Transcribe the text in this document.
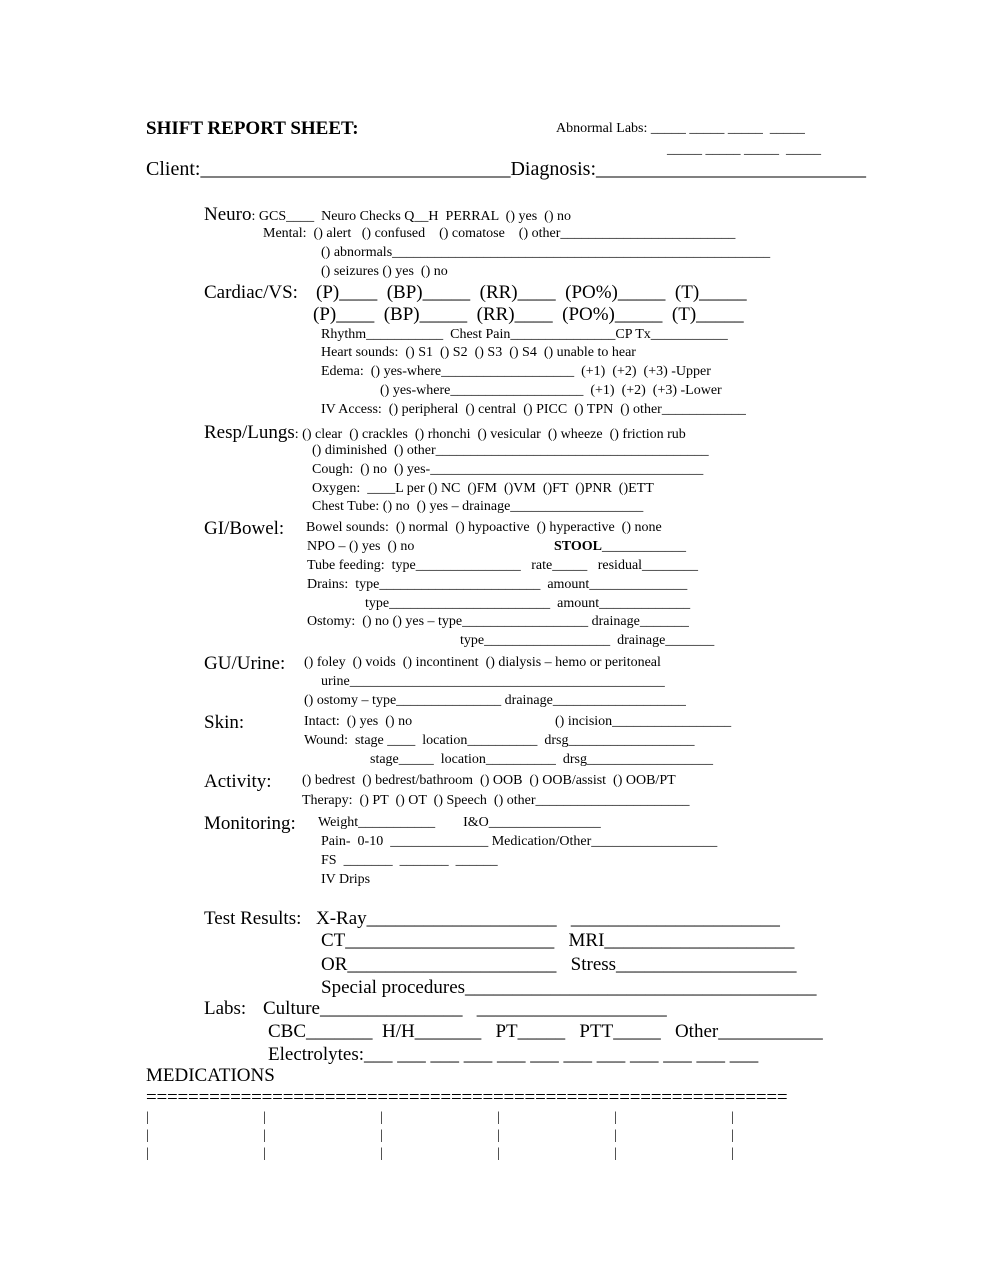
SHIFT REPORT SHEET:	Abnormal Labs: _____ _____ _____  _____
_____ _____ _____  _____
Client:_______________________________Diagnosis:___________________________
Neuro: GCS____  Neuro Checks Q__H  PERRAL  () yes  () no
Mental:  () alert   () confused    () comatose    () other_________________________
() abnormals______________________________________________________
() seizures () yes  () no
Cardiac/VS: (P)____  (BP)_____  (RR)____  (PO%)_____  (T)_____
(P)____  (BP)_____  (RR)____  (PO%)_____  (T)_____
Rhythm___________  Chest Pain_______________CP Tx___________
Heart sounds:  () S1  () S2  () S3  () S4  () unable to hear
Edema:  () yes-where___________________  (+1)  (+2)  (+3) -Upper
() yes-where___________________  (+1)  (+2)  (+3) -Lower
IV Access:  () peripheral  () central  () PICC  () TPN  () other____________
Resp/Lungs: () clear  () crackles  () rhonchi  () vesicular  () wheeze  () friction rub
() diminished  () other_______________________________________
Cough:  () no  () yes-_______________________________________
Oxygen:  ____L per () NC  ()FM  ()VM  ()FT  ()PNR  ()ETT
Chest Tube: () no  () yes – drainage___________________
GI/Bowel: Bowel sounds:  () normal  () hypoactive  () hyperactive  () none
NPO – () yes  () no	STOOL____________
Tube feeding:  type_______________   rate_____   residual________
Drains:  type_______________________  amount______________
type_______________________  amount_____________
Ostomy:  () no () yes – type__________________ drainage_______
type__________________  drainage_______
GU/Urine: () foley  () voids  () incontinent  () dialysis – hemo or peritoneal
urine_____________________________________________
() ostomy – type_______________ drainage___________________
Skin:	Intact:  () yes  () no	() incision_________________
Wound:  stage ____  location__________  drsg__________________
stage_____  location__________  drsg__________________
Activity: () bedrest  () bedrest/bathroom  () OOB  () OOB/assist  () OOB/PT
Therapy:  () PT  () OT  () Speech  () other______________________
Monitoring: Weight___________        I&O________________
Pain-  0-10  ______________ Medication/Other__________________
FS  _______  _______  ______
IV Drips
Test Results: X-Ray____________________   ______________________
CT______________________   MRI____________________
OR______________________   Stress___________________
Special procedures_____________________________________
Labs: Culture_______________   ____________________
CBC_______  H/H_______   PT_____   PTT_____   Other___________
Electrolytes:___ ___ ___ ___ ___ ___ ___ ___ ___ ___ ___ ___
MEDICATIONS
=============================================================
|	|	|	|	|	|
|	|	|	|	|	|
|	|	|	|	|	|
